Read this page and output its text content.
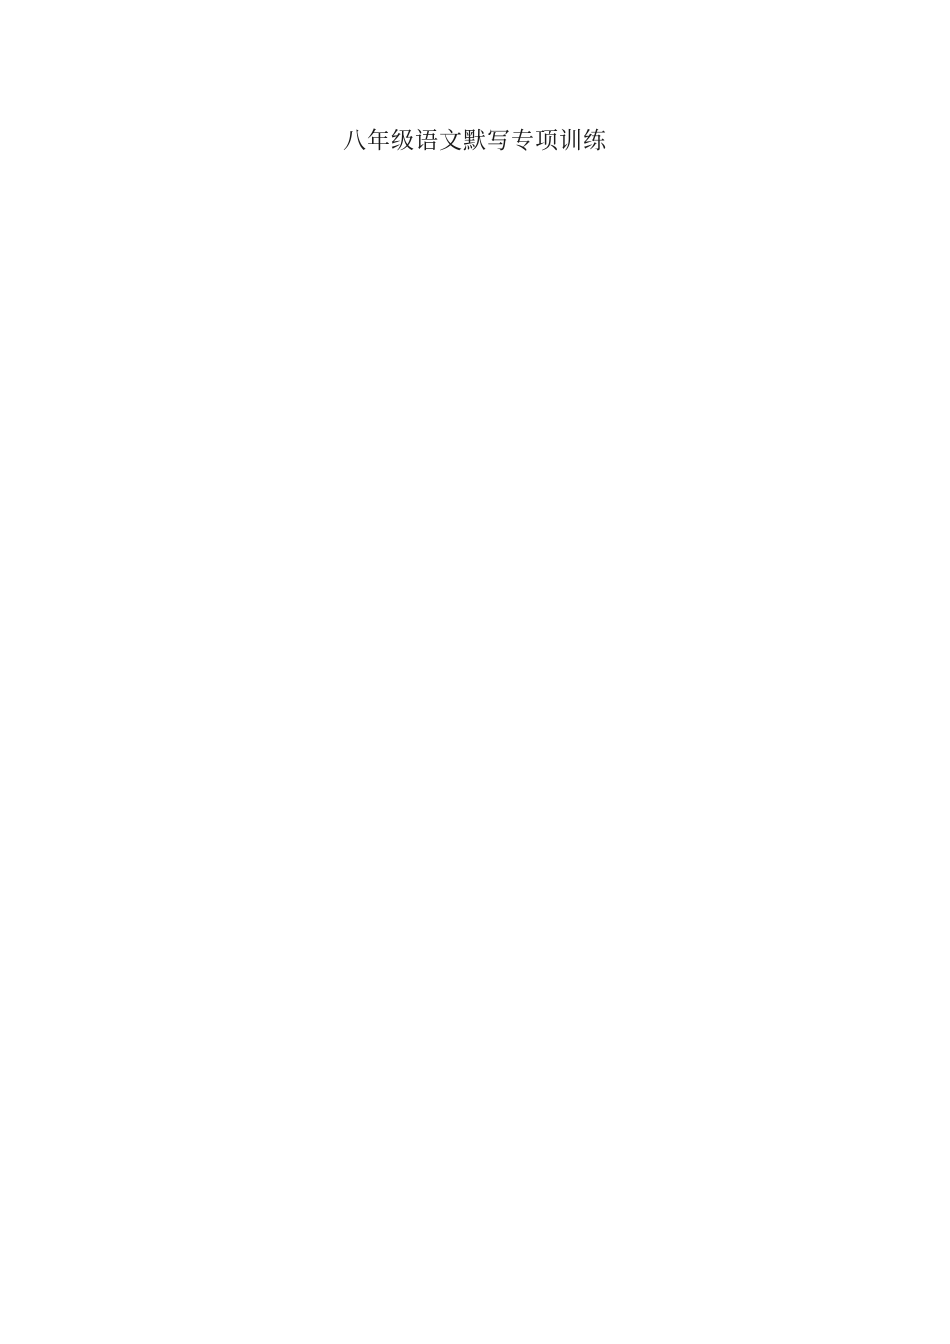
八年级语文默写专项训练
